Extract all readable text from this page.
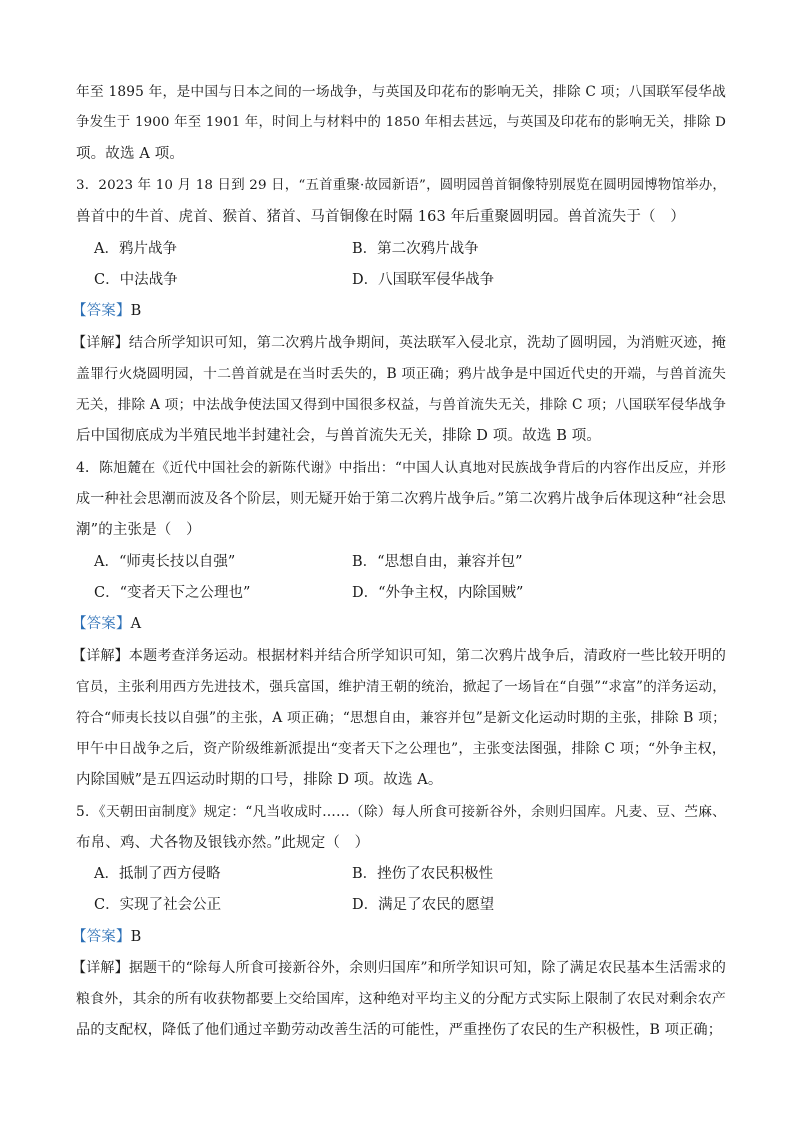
年至 1895 年，是中国与日本之间的一场战争，与英国及印花布的影响无关，排除 C 项；八国联军侵华战
争发生于 1900 年至 1901 年，时间上与材料中的 1850 年相去甚远，与英国及印花布的影响无关，排除 D
项。故选 A 项。
3．2023 年 10 月 18 日到 29 日，“五首重聚·故园新语”，圆明园兽首铜像特别展览在圆明园博物馆举办，
兽首中的牛首、虎首、猴首、猪首、马首铜像在时隔 163 年后重聚圆明园。兽首流失于（　）
A．鸦片战争	B．第二次鸦片战争
C．中法战争	D．八国联军侵华战争
【答案】B
【详解】结合所学知识可知，第二次鸦片战争期间，英法联军入侵北京，洗劫了圆明园，为消赃灭迹，掩
盖罪行火烧圆明园，十二兽首就是在当时丢失的，B 项正确；鸦片战争是中国近代史的开端，与兽首流失
无关，排除 A 项；中法战争使法国又得到中国很多权益，与兽首流失无关，排除 C 项；八国联军侵华战争
后中国彻底成为半殖民地半封建社会，与兽首流失无关，排除 D 项。故选 B 项。
4．陈旭麓在《近代中国社会的新陈代谢》中指出：“中国人认真地对民族战争背后的内容作出反应，并形
成一种社会思潮而波及各个阶层，则无疑开始于第二次鸦片战争后。”第二次鸦片战争后体现这种“社会思
潮”的主张是（　）
A．“师夷长技以自强”	B．“思想自由，兼容并包”
C．“变者天下之公理也”	D．“外争主权，内除国贼”
【答案】A
【详解】本题考查洋务运动。根据材料并结合所学知识可知，第二次鸦片战争后，清政府一些比较开明的
官员，主张利用西方先进技术，强兵富国，维护清王朝的统治，掀起了一场旨在“自强”“求富”的洋务运动，
符合“师夷长技以自强”的主张，A 项正确；“思想自由，兼容并包”是新文化运动时期的主张，排除 B 项；
甲午中日战争之后，资产阶级维新派提出“变者天下之公理也”，主张变法图强，排除 C 项；“外争主权，
内除国贼”是五四运动时期的口号，排除 D 项。故选 A。
5．《天朝田亩制度》规定：“凡当收成时……（除）每人所食可接新谷外，余则归国库。凡麦、豆、苎麻、
布帛、鸡、犬各物及银钱亦然。”此规定（　）
A．抵制了西方侵略	B．挫伤了农民积极性
C．实现了社会公正	D．满足了农民的愿望
【答案】B
【详解】据题干的“除每人所食可接新谷外，余则归国库”和所学知识可知，除了满足农民基本生活需求的
粮食外，其余的所有收获物都要上交给国库，这种绝对平均主义的分配方式实际上限制了农民对剩余农产
品的支配权，降低了他们通过辛勤劳动改善生活的可能性，严重挫伤了农民的生产积极性，B 项正确；
